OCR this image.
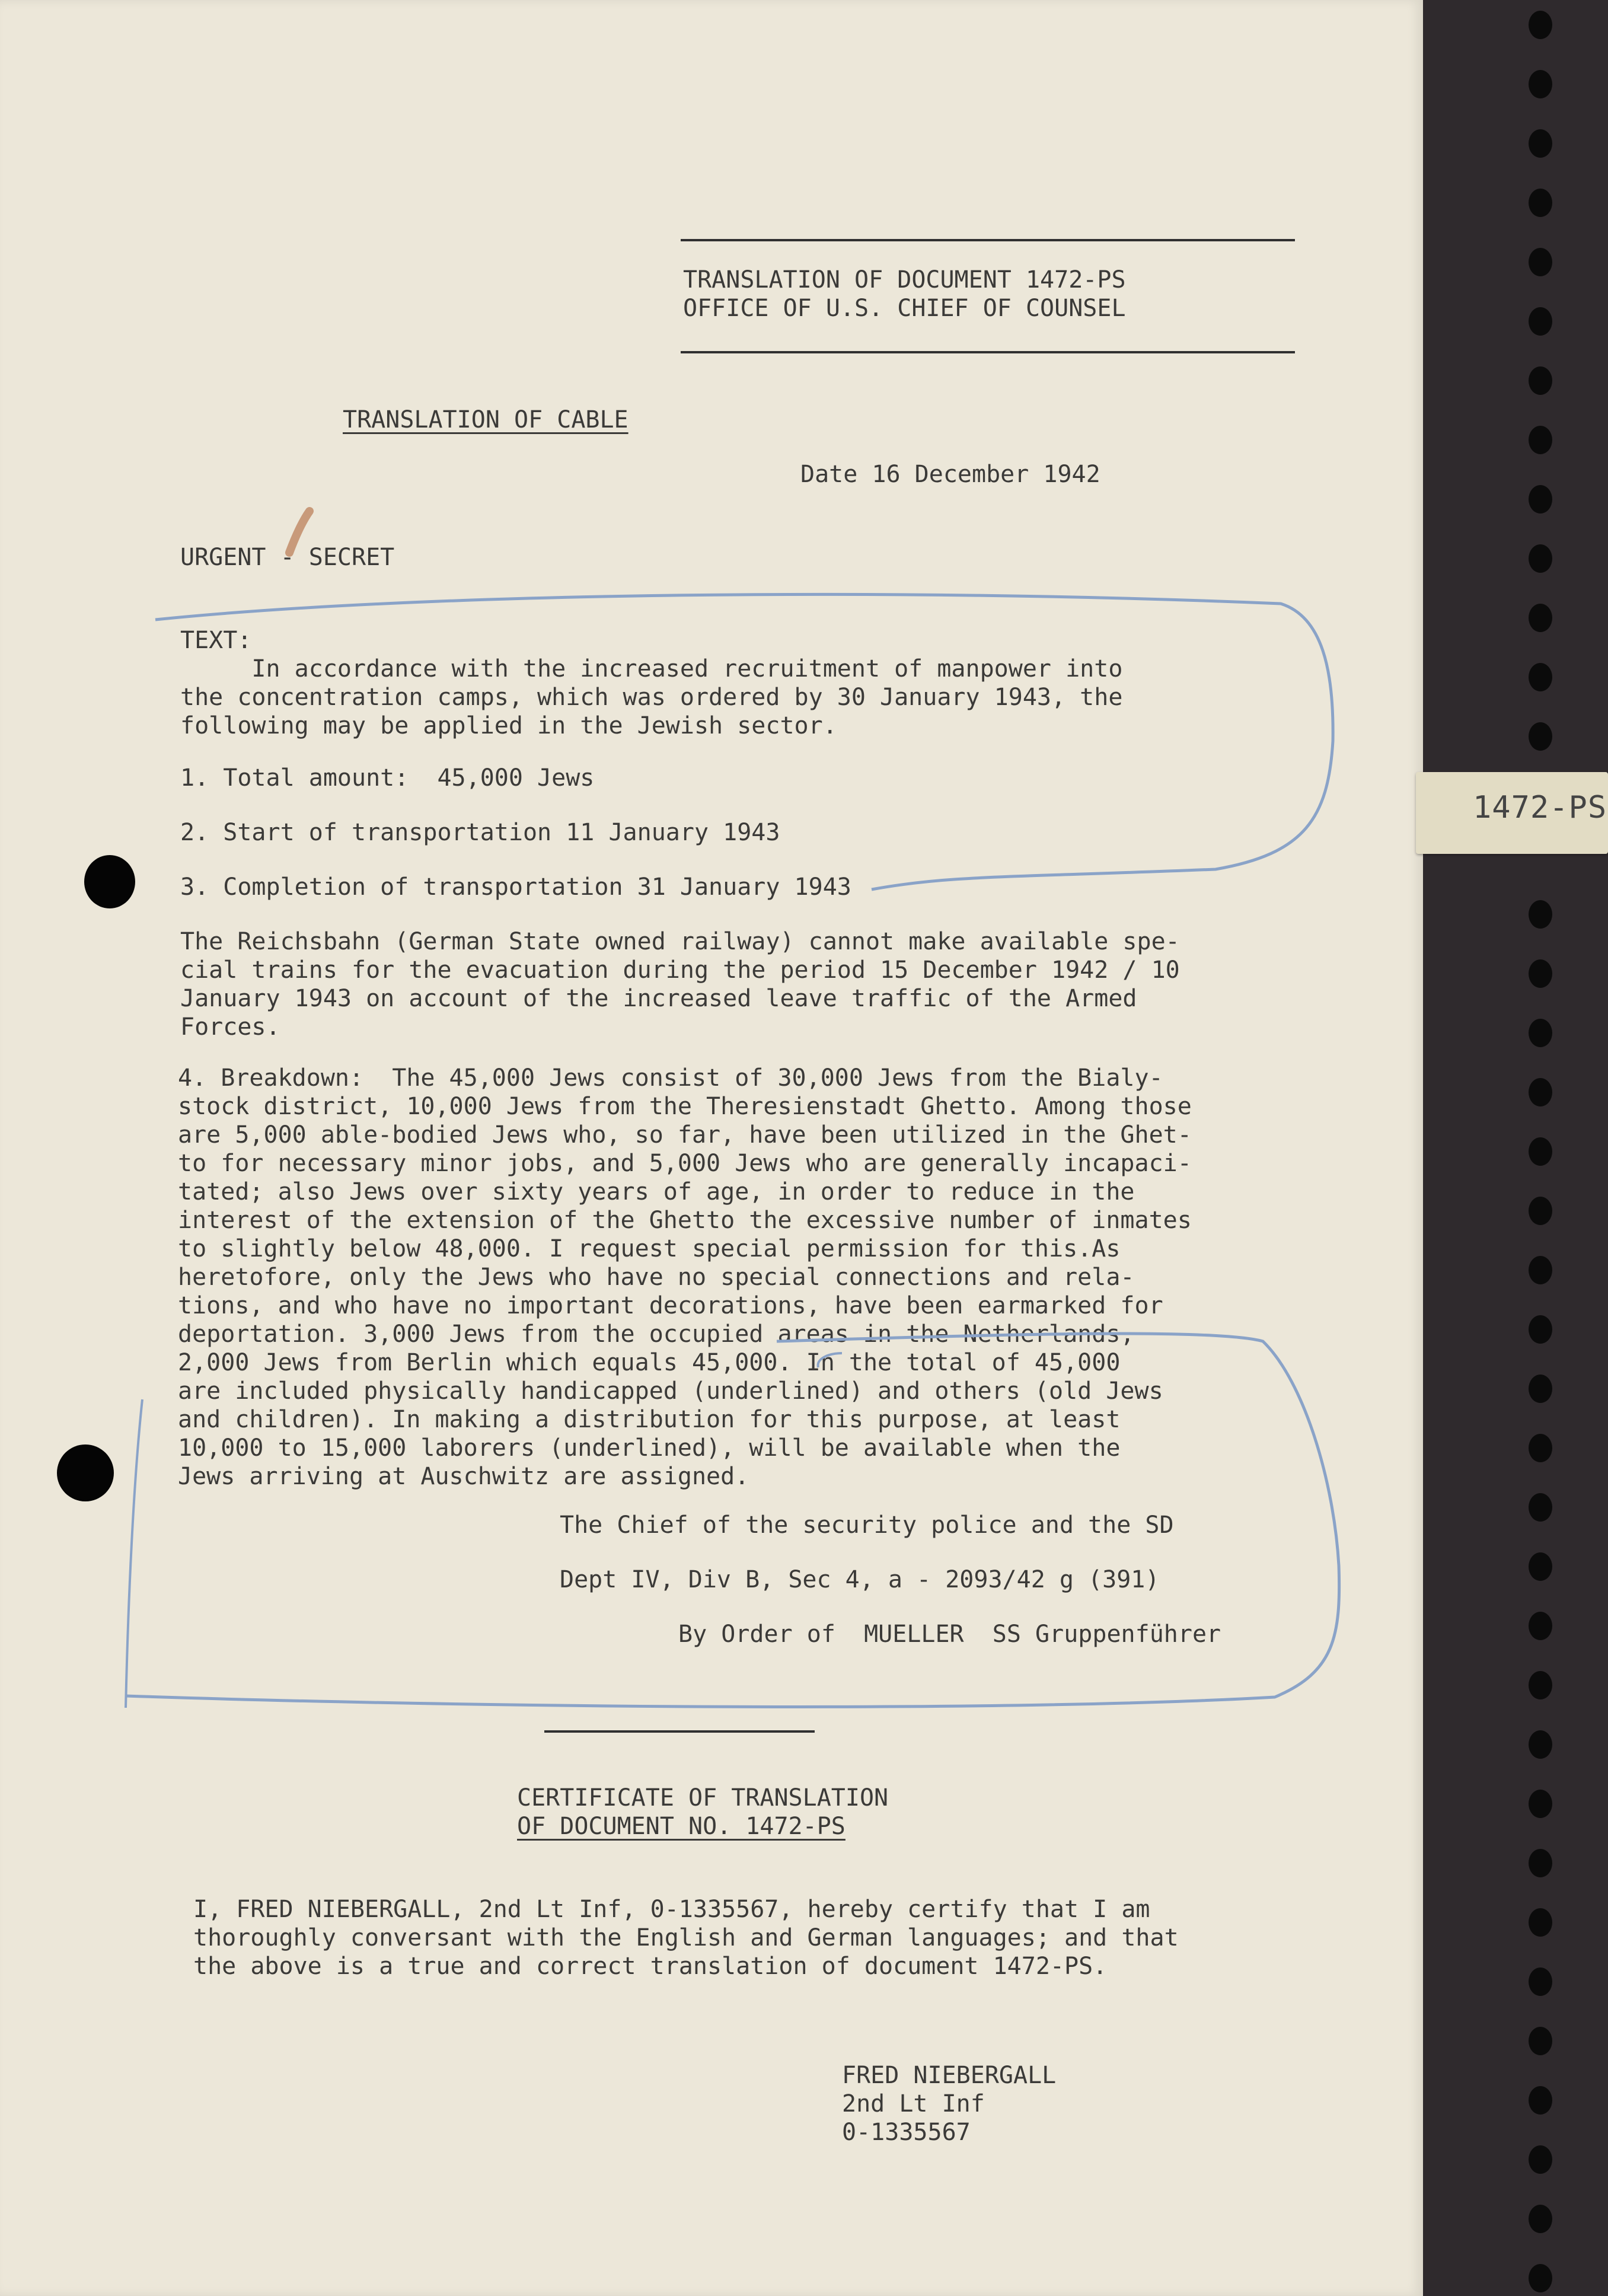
TRANSLATION OF DOCUMENT 1472-PS

OFFICE OF U.S. CHIEF OF COUNSEL

TRANSLATION OF CABLE

Date 16 December 1942

URGENT - SECRET

TEXT:

In accordance with the increased recruitment of manpower into
the concentration camps, which was ordered by 30 January 1943, the
following may be applied in the Jewish sector.

1. Total amount:  45,000 Jews

2. Start of transportation 11 January 1943

3. Completion of transportation 31 January 1943

The Reichsbahn (German State owned railway) cannot make available spe-
cial trains for the evacuation during the period 15 December 1942 / 10
January 1943 on account of the increased leave traffic of the Armed
Forces.

4. Breakdown:  The 45,000 Jews consist of 30,000 Jews from the Bialy-
stock district, 10,000 Jews from the Theresienstadt Ghetto. Among those
are 5,000 able-bodied Jews who, so far, have been utilized in the Ghet-
to for necessary minor jobs, and 5,000 Jews who are generally incapaci-
tated; also Jews over sixty years of age, in order to reduce in the
interest of the extension of the Ghetto the excessive number of inmates
to slightly below 48,000. I request special permission for this.As
heretofore, only the Jews who have no special connections and rela-
tions, and who have no important decorations, have been earmarked for
deportation. 3,000 Jews from the occupied areas in the Netherlands,
2,000 Jews from Berlin which equals 45,000. In the total of 45,000
are included physically handicapped (underlined) and others (old Jews
and children). In making a distribution for this purpose, at least
10,000 to 15,000 laborers (underlined), will be available when the
Jews arriving at Auschwitz are assigned.

The Chief of the security police and the SD

Dept IV, Div B, Sec 4, a - 2093/42 g (391)

By Order of  MUELLER  SS Gruppenführer

CERTIFICATE OF TRANSLATION

OF DOCUMENT NO. 1472-PS

I, FRED NIEBERGALL, 2nd Lt Inf, 0-1335567, hereby certify that I am
thoroughly conversant with the English and German languages; and that
the above is a true and correct translation of document 1472-PS.

FRED NIEBERGALL
2nd Lt Inf
0-1335567

1472-PS
